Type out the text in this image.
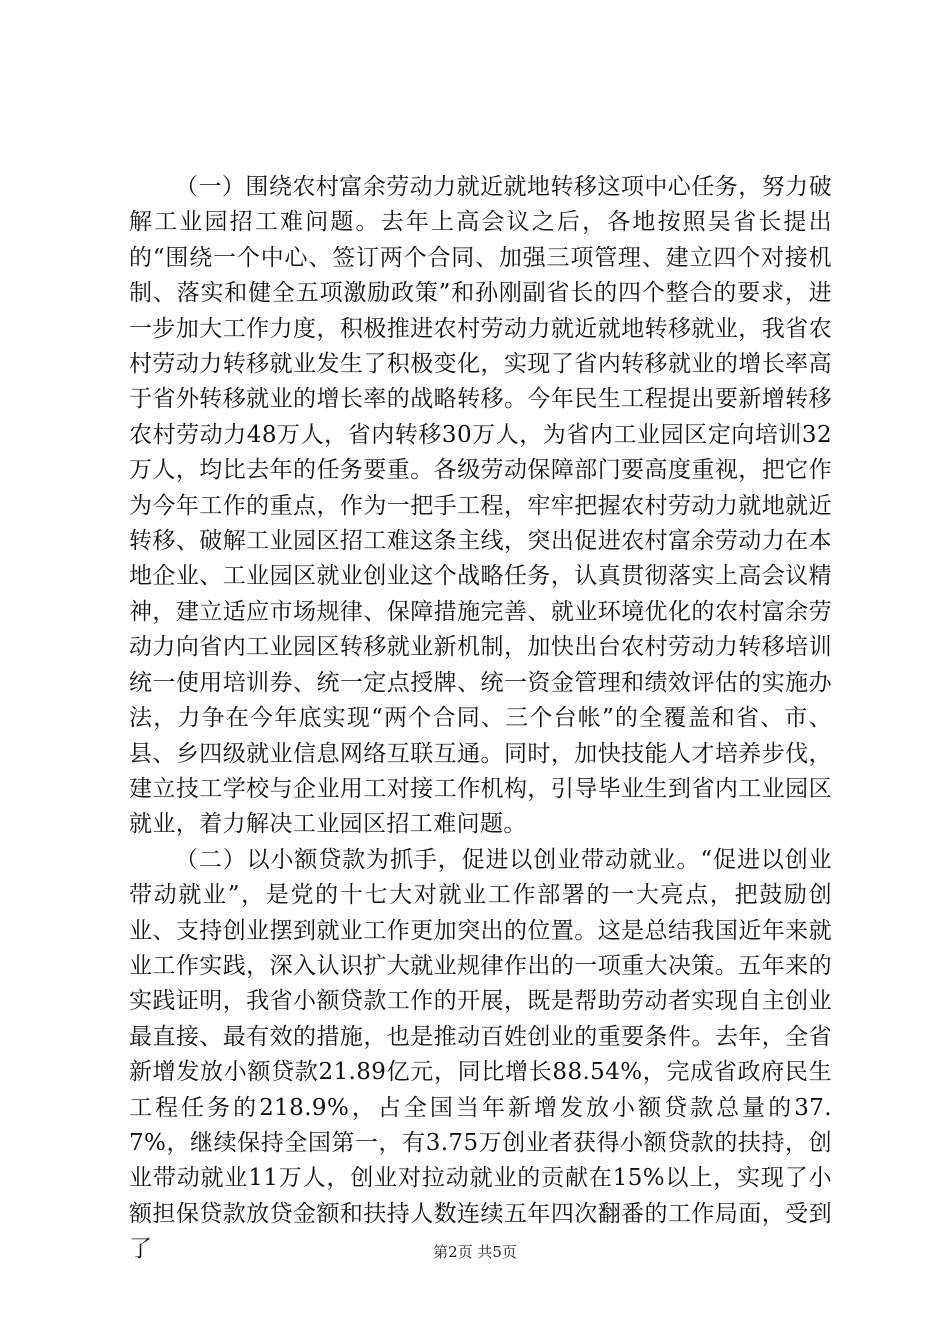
（一）围绕农村富余劳动力就近就地转移这项中心任务，努力破解工业园招工难问题。去年上高会议之后，各地按照吴省长提出的“围绕一个中心、签订两个合同、加强三项管理、建立四个对接机制、落实和健全五项激励政策”和孙刚副省长的四个整合的要求，进一步加大工作力度，积极推进农村劳动力就近就地转移就业，我省农村劳动力转移就业发生了积极变化，实现了省内转移就业的增长率高于省外转移就业的增长率的战略转移。今年民生工程提出要新增转移农村劳动力48万人，省内转移30万人，为省内工业园区定向培训32万人，均比去年的任务要重。各级劳动保障部门要高度重视，把它作为今年工作的重点，作为一把手工程，牢牢把握农村劳动力就地就近转移、破解工业园区招工难这条主线，突出促进农村富余劳动力在本地企业、工业园区就业创业这个战略任务，认真贯彻落实上高会议精神，建立适应市场规律、保障措施完善、就业环境优化的农村富余劳动力向省内工业园区转移就业新机制，加快出台农村劳动力转移培训统一使用培训券、统一定点授牌、统一资金管理和绩效评估的实施办法，力争在今年底实现“两个合同、三个台帐”的全覆盖和省、市、县、乡四级就业信息网络互联互通。同时，加快技能人才培养步伐，建立技工学校与企业用工对接工作机构，引导毕业生到省内工业园区就业，着力解决工业园区招工难问题。

（二）以小额贷款为抓手，促进以创业带动就业。“促进以创业带动就业”，是党的十七大对就业工作部署的一大亮点，把鼓励创业、支持创业摆到就业工作更加突出的位置。这是总结我国近年来就业工作实践，深入认识扩大就业规律作出的一项重大决策。五年来的实践证明，我省小额贷款工作的开展，既是帮助劳动者实现自主创业最直接、最有效的措施，也是推动百姓创业的重要条件。去年，全省新增发放小额贷款21.89亿元，同比增长88.54%，完成省政府民生工程任务的218.9%，占全国当年新增发放小额贷款总量的37.7%，继续保持全国第一，有3.75万创业者获得小额贷款的扶持，创业带动就业11万人，创业对拉动就业的贡献在15%以上，实现了小额担保贷款放贷金额和扶持人数连续五年四次翻番的工作局面，受到了	第2页 共5页
